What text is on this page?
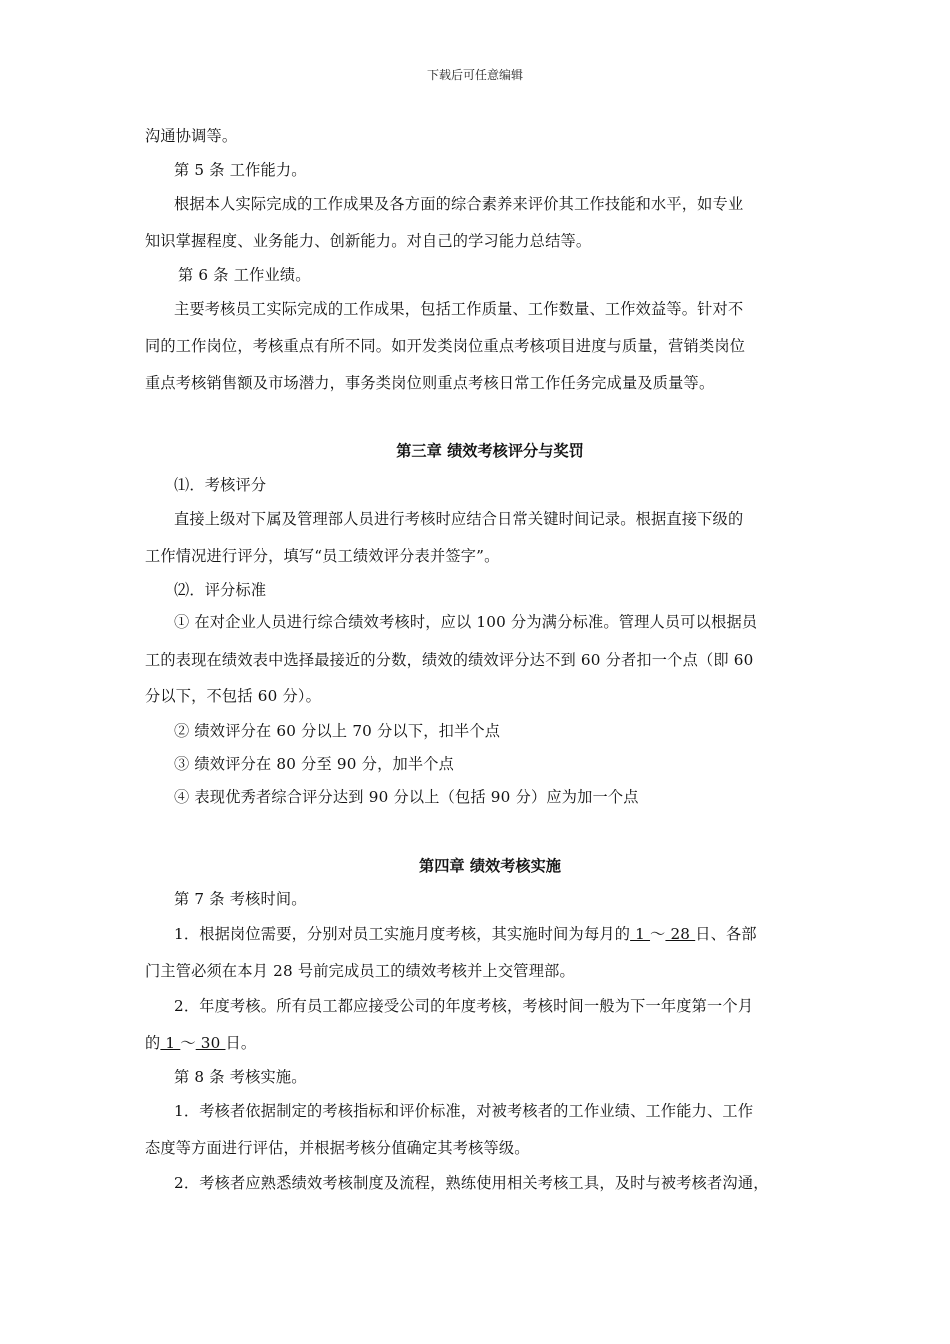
下载后可任意编辑
沟通协调等。
第 5 条 工作能力。
根据本人实际完成的工作成果及各方面的综合素养来评价其工作技能和水平，如专业
知识掌握程度、业务能力、创新能力。对自己的学习能力总结等。
第 6 条 工作业绩。
主要考核员工实际完成的工作成果，包括工作质量、工作数量、工作效益等。针对不
同的工作岗位，考核重点有所不同。如开发类岗位重点考核项目进度与质量，营销类岗位
重点考核销售额及市场潜力，事务类岗位则重点考核日常工作任务完成量及质量等。
第三章 绩效考核评分与奖罚
⑴．考核评分
直接上级对下属及管理部人员进行考核时应结合日常关键时间记录。根据直接下级的
工作情况进行评分，填写“员工绩效评分表并签字”。
⑵．评分标准
① 在对企业人员进行综合绩效考核时，应以 100 分为满分标准。管理人员可以根据员
工的表现在绩效表中选择最接近的分数，绩效的绩效评分达不到 60 分者扣一个点（即 60
分以下，不包括 60 分）。
② 绩效评分在 60 分以上 70 分以下，扣半个点
③ 绩效评分在 80 分至 90 分，加半个点
④ 表现优秀者综合评分达到 90 分以上（包括 90 分）应为加一个点
第四章 绩效考核实施
第 7 条 考核时间。
1．根据岗位需要，分别对员工实施月度考核，其实施时间为每月的 1 ～ 28 日、各部
门主管必须在本月 28 号前完成员工的绩效考核并上交管理部。
2．年度考核。所有员工都应接受公司的年度考核，考核时间一般为下一年度第一个月
的 1 ～ 30 日。
第 8 条 考核实施。
1．考核者依据制定的考核指标和评价标准，对被考核者的工作业绩、工作能力、工作
态度等方面进行评估，并根据考核分值确定其考核等级。
2．考核者应熟悉绩效考核制度及流程，熟练使用相关考核工具，及时与被考核者沟通，
